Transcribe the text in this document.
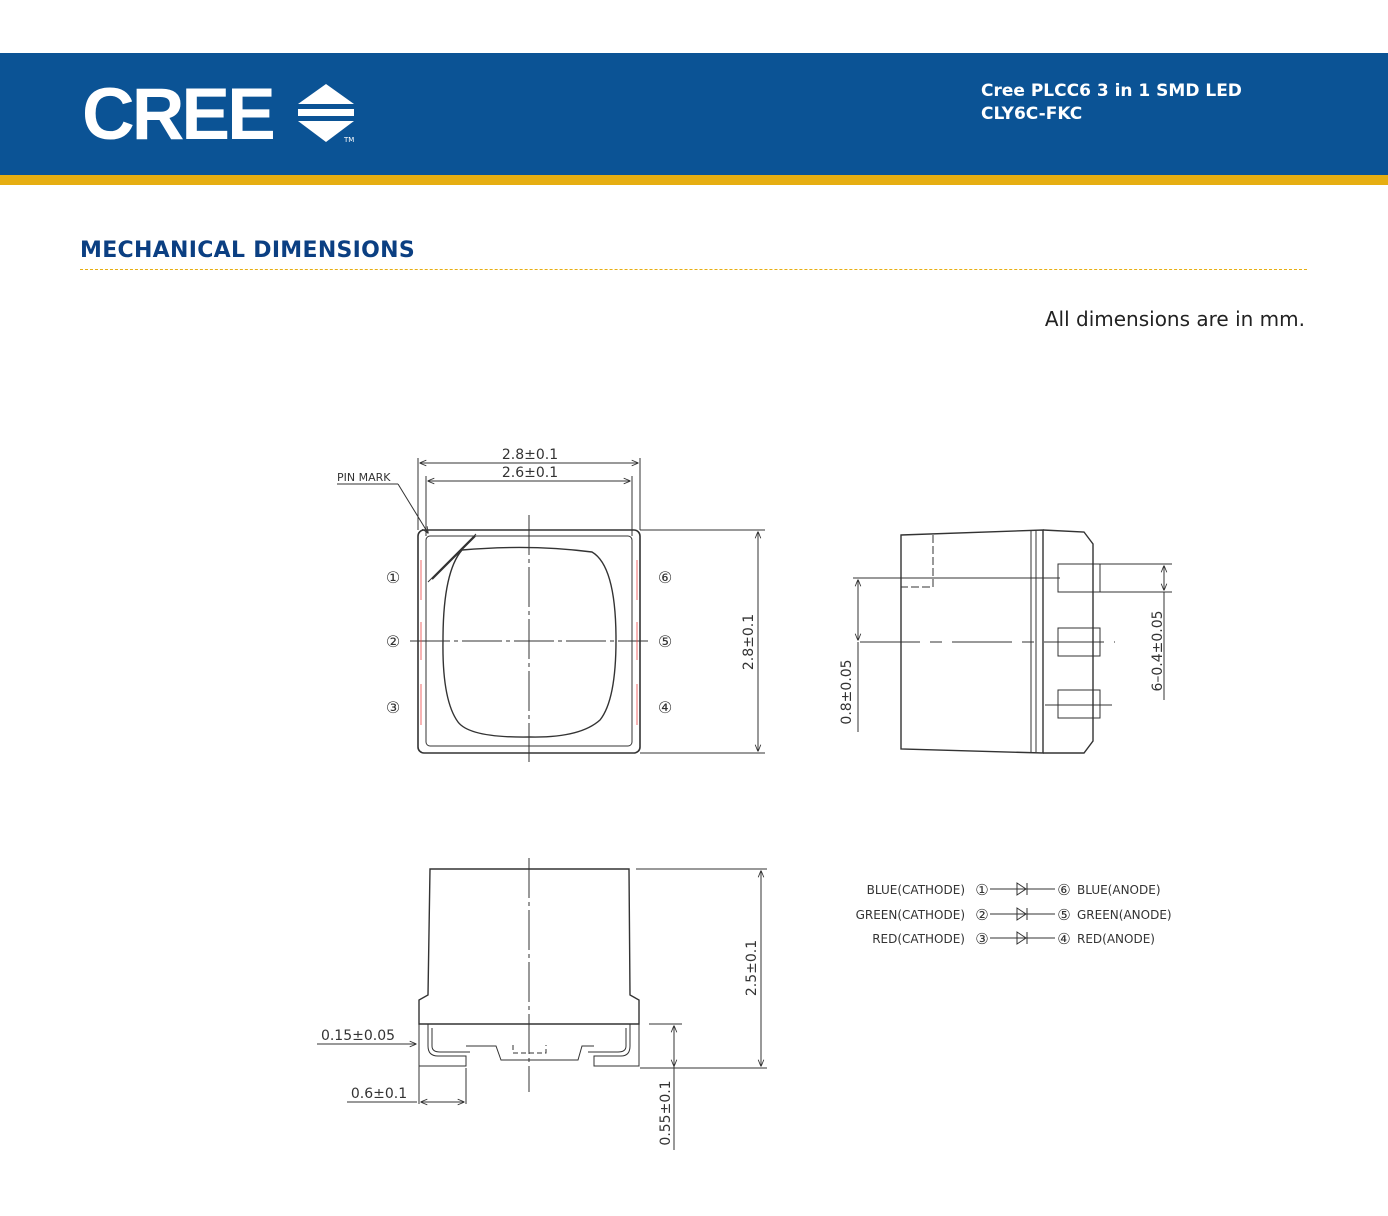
CREE	TM
Cree PLCC6 3 in 1 SMD LED
CLY6C-FKC
MECHANICAL DIMENSIONS
All dimensions are in mm.
2.8±0.1
2.6±0.1
PIN MARK
2.8±0.1
①
②
③
⑥
⑤
④	0.8±0.05
6–0.4±0.05
2.5±0.1
0.15±0.05
0.6±0.1	0.55±0.1
BLUE(CATHODE) ①	⑥ BLUE(ANODE)
GREEN(CATHODE) ②	⑤ GREEN(ANODE)
RED(CATHODE) ③	④ RED(ANODE)
